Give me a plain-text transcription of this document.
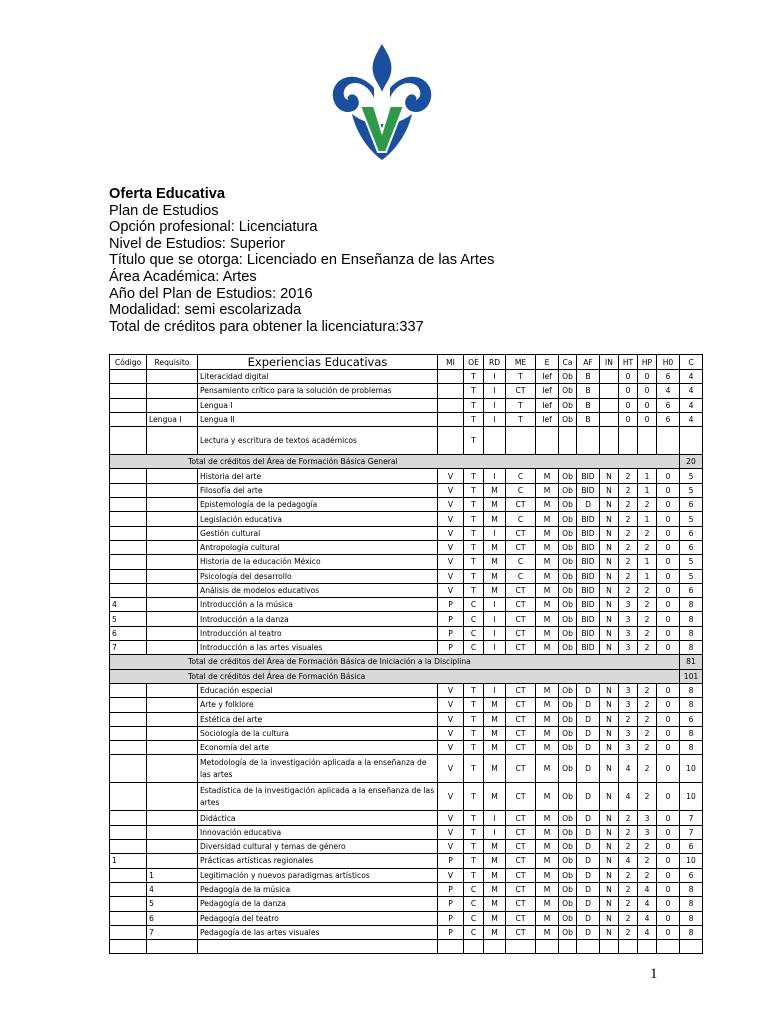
Oferta Educativa
Plan de Estudios
Opción profesional: Licenciatura
Nivel de Estudios: Superior
Título que se otorga: Licenciado en Enseñanza de las Artes
Área Académica: Artes
Año del Plan de Estudios: 2016
Modalidad: semi escolarizada
Total de créditos para obtener la licenciatura:337
Código	Requisito	Experiencias Educativas	MI	OE	RD	ME	E	Ca	AF	IN	HT	HP	H0	C
		Literacidad digital		T	I	T	Ief	Ob	B		0	0	6	4
		Pensamiento crítico para la solución de problemas		T	I	CT	Ief	Ob	B		0	0	4	4
		Lengua I		T	I	T	Ief	Ob	B		0	0	6	4
	Lengua I	Lengua II		T	I	T	Ief	Ob	B		0	0	6	4
		Lectura y escritura de textos académicos		T										
Total de créditos del Área de Formación Básica General														20
		Historia del arte	V	T	I	C	M	Ob	BID	N	2	1	0	5
		Filosofía del arte	V	T	M	C	M	Ob	BID	N	2	1	0	5
		Epistemología de la pedagogía	V	T	M	CT	M	Ob	D	N	2	2	0	6
		Legislación educativa	V	T	M	C	M	Ob	BID	N	2	1	0	5
		Gestión cultural	V	T	I	CT	M	Ob	BID	N	2	2	0	6
		Antropología cultural	V	T	M	CT	M	Ob	BID	N	2	2	0	6
		Historia de la educación México	V	T	M	C	M	Ob	BID	N	2	1	0	5
		Psicología del desarrollo	V	T	M	C	M	Ob	BID	N	2	1	0	5
		Análisis de modelos educativos	V	T	M	CT	M	Ob	BID	N	2	2	0	6
4		Introducción a la música	P	C	I	CT	M	Ob	BID	N	3	2	0	8
5		Introducción a la danza	P	C	I	CT	M	Ob	BID	N	3	2	0	8
6		Introducción al teatro	P	C	I	CT	M	Ob	BID	N	3	2	0	8
7		Introducción a las artes visuales	P	C	I	CT	M	Ob	BID	N	3	2	0	8
Total de créditos del Área de Formación Básica de Iniciación a la Disciplina														81
Total de créditos del Área de Formación Básica														101
		Educación especial	V	T	I	CT	M	Ob	D	N	3	2	0	8
		Arte y folklore	V	T	M	CT	M	Ob	D	N	3	2	0	8
		Estética del arte	V	T	M	CT	M	Ob	D	N	2	2	0	6
		Sociología de la cultura	V	T	M	CT	M	Ob	D	N	3	2	0	8
		Economía del arte	V	T	M	CT	M	Ob	D	N	3	2	0	8
		Metodología de la investigación aplicada a la enseñanza de las artes	V	T	M	CT	M	Ob	D	N	4	2	0	10
		Estadística de la investigación aplicada a la enseñanza de las artes	V	T	M	CT	M	Ob	D	N	4	2	0	10
		Didáctica	V	T	I	CT	M	Ob	D	N	2	3	0	7
		Innovación educativa	V	T	I	CT	M	Ob	D	N	2	3	0	7
		Diversidad cultural y temas de género	V	T	M	CT	M	Ob	D	N	2	2	0	6
1		Prácticas artísticas regionales	P	T	M	CT	M	Ob	D	N	4	2	0	10
	1	Legitimación y nuevos paradigmas artísticos	V	T	M	CT	M	Ob	D	N	2	2	0	6
	4	Pedagogía de la música	P	C	M	CT	M	Ob	D	N	2	4	0	8
	5	Pedagogía de la danza	P	C	M	CT	M	Ob	D	N	2	4	0	8
	6	Pedagogía del teatro	P	C	M	CT	M	Ob	D	N	2	4	0	8
	7	Pedagogía de las artes visuales	P	C	M	CT	M	Ob	D	N	2	4	0	8

1
